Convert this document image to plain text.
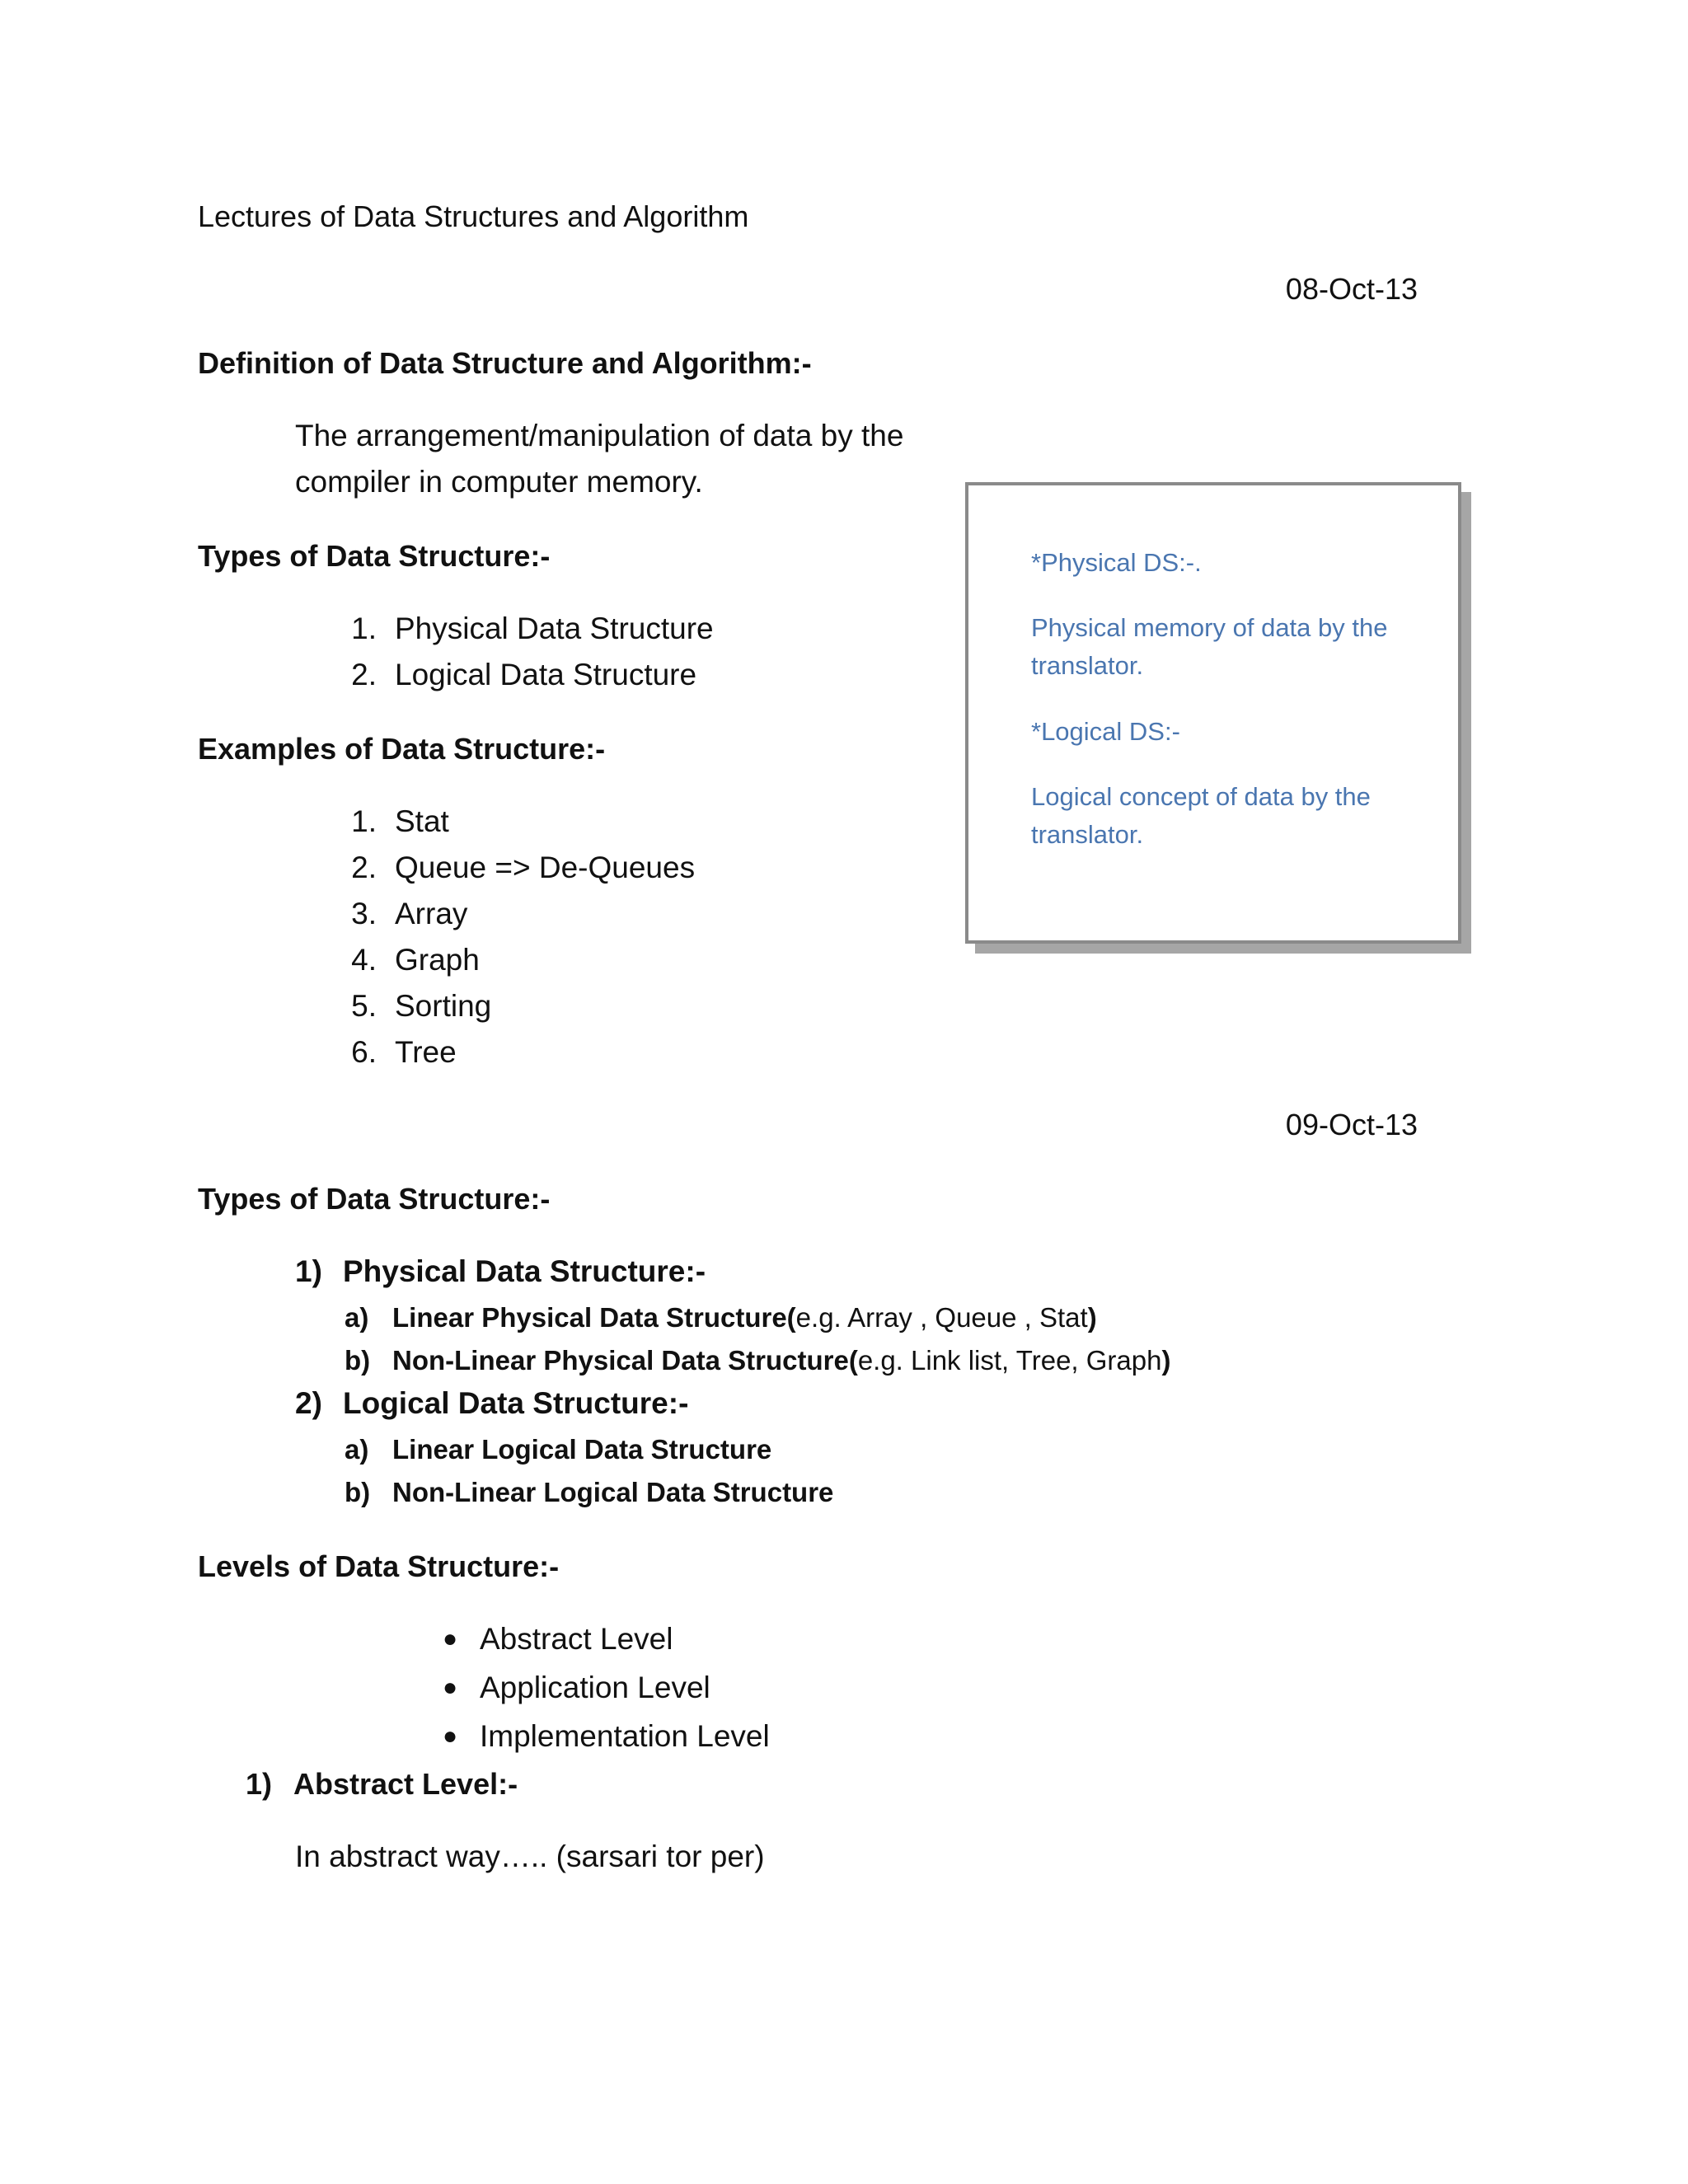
Lectures of Data Structures and Algorithm
08-Oct-13
Definition of Data Structure and Algorithm:-
The arrangement/manipulation of data by the
compiler in computer memory.
Types of Data Structure:-
1. Physical Data Structure
2. Logical Data Structure
Examples of Data Structure:-
1. Stat
2. Queue => De-Queues
3. Array
4. Graph
5. Sorting
6. Tree
*Physical DS:-.
Physical memory of data by the
translator.
*Logical DS:-
Logical concept of data by the
translator.
09-Oct-13
Types of Data Structure:-
1) Physical Data Structure:-
a) Linear Physical Data Structure(e.g. Array , Queue , Stat)
b) Non-Linear Physical Data Structure(e.g. Link list, Tree, Graph)
2) Logical Data Structure:-
a) Linear Logical Data Structure
b) Non-Linear Logical Data Structure
Levels of Data Structure:-
● Abstract Level
● Application Level
● Implementation Level
1) Abstract Level:-
In abstract way….. (sarsari tor per)
